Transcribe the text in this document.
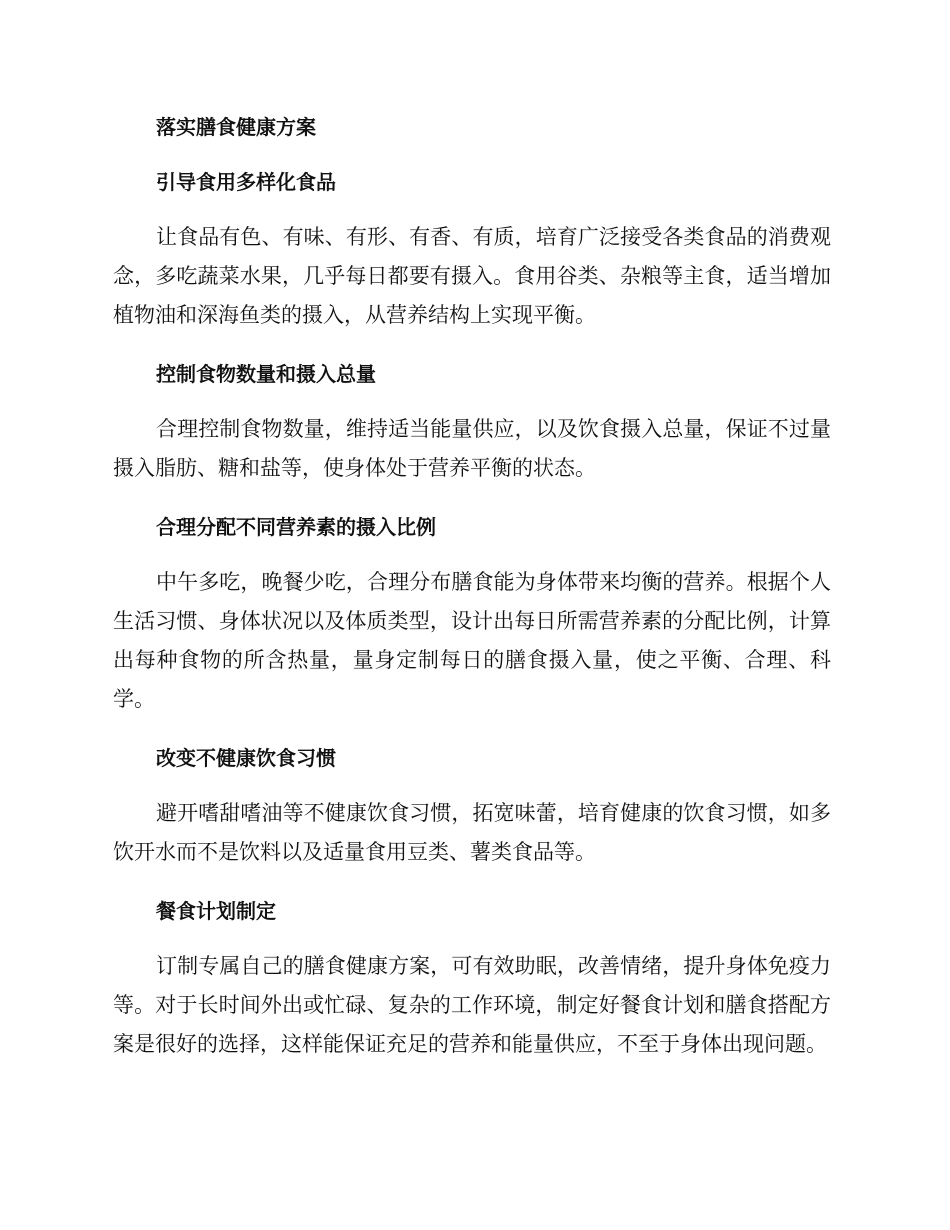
落实膳食健康方案
引导食用多样化食品

让食品有色、有味、有形、有香、有质，培育广泛接受各类食品的消费观念，多吃蔬菜水果，几乎每日都要有摄入。食用谷类、杂粮等主食，适当增加植物油和深海鱼类的摄入，从营养结构上实现平衡。

控制食物数量和摄入总量

合理控制食物数量，维持适当能量供应，以及饮食摄入总量，保证不过量摄入脂肪、糖和盐等，使身体处于营养平衡的状态。

合理分配不同营养素的摄入比例

中午多吃，晚餐少吃，合理分布膳食能为身体带来均衡的营养。根据个人生活习惯、身体状况以及体质类型，设计出每日所需营养素的分配比例，计算出每种食物的所含热量，量身定制每日的膳食摄入量，使之平衡、合理、科学。

改变不健康饮食习惯

避开嗜甜嗜油等不健康饮食习惯，拓宽味蕾，培育健康的饮食习惯，如多饮开水而不是饮料以及适量食用豆类、薯类食品等。

餐食计划制定

订制专属自己的膳食健康方案，可有效助眠，改善情绪，提升身体免疫力等。对于长时间外出或忙碌、复杂的工作环境，制定好餐食计划和膳食搭配方案是很好的选择，这样能保证充足的营养和能量供应，不至于身体出现问题。
